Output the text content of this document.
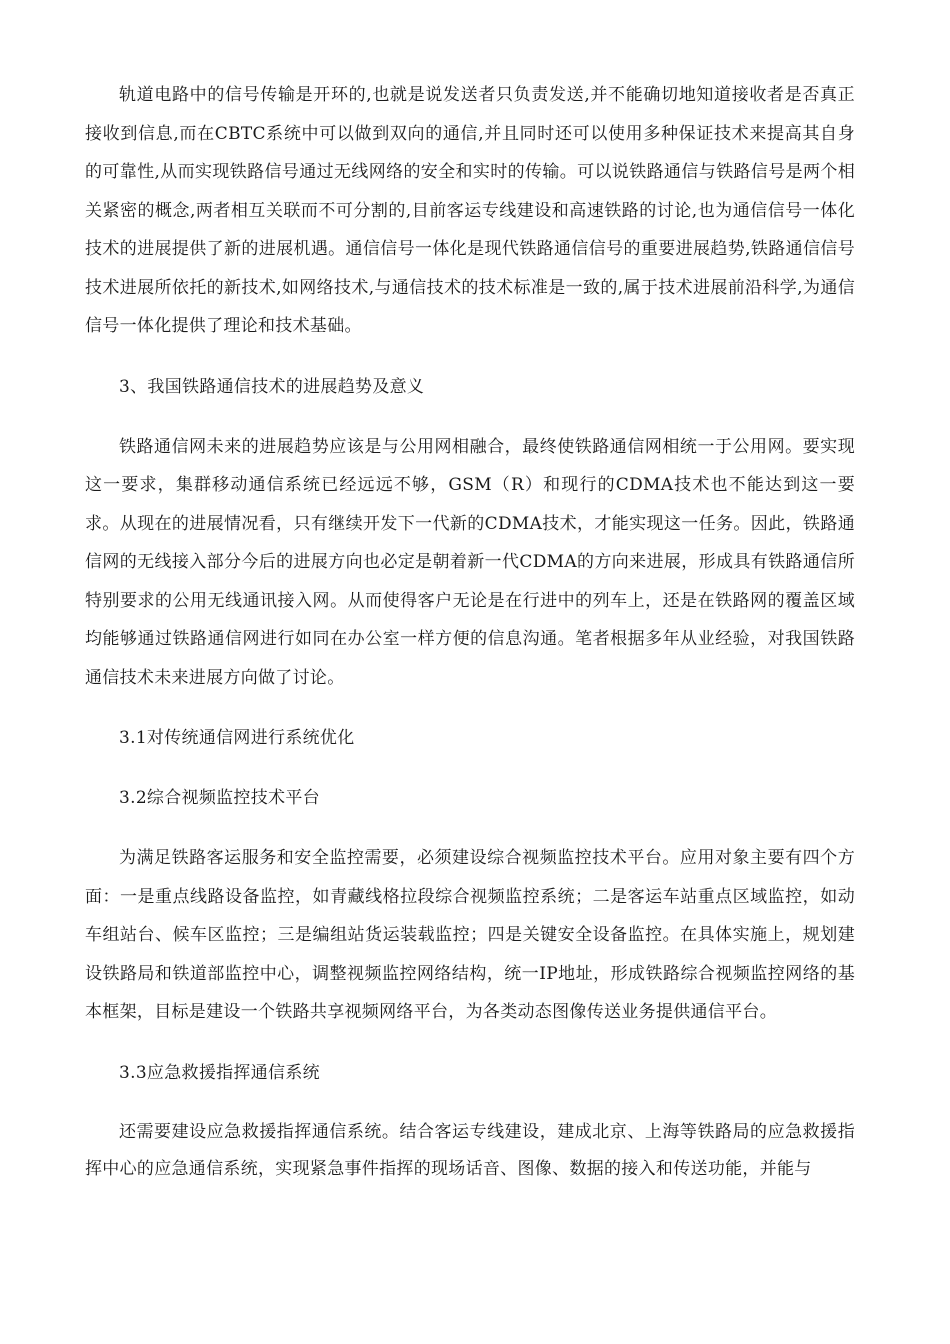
轨道电路中的信号传输是开环的,也就是说发送者只负责发送,并不能确切地知道接收者是否真正接收到信息,而在CBTC系统中可以做到双向的通信,并且同时还可以使用多种保证技术来提高其自身的可靠性,从而实现铁路信号通过无线网络的安全和实时的传输。可以说铁路通信与铁路信号是两个相关紧密的概念,两者相互关联而不可分割的,目前客运专线建设和高速铁路的讨论,也为通信信号一体化技术的进展提供了新的进展机遇。通信信号一体化是现代铁路通信信号的重要进展趋势,铁路通信信号技术进展所依托的新技术,如网络技术,与通信技术的技术标准是一致的,属于技术进展前沿科学,为通信信号一体化提供了理论和技术基础。

3、我国铁路通信技术的进展趋势及意义

铁路通信网未来的进展趋势应该是与公用网相融合，最终使铁路通信网相统一于公用网。要实现这一要求，集群移动通信系统已经远远不够，GSM（R）和现行的CDMA技术也不能达到这一要求。从现在的进展情况看，只有继续开发下一代新的CDMA技术，才能实现这一任务。因此，铁路通信网的无线接入部分今后的进展方向也必定是朝着新一代CDMA的方向来进展，形成具有铁路通信所特别要求的公用无线通讯接入网。从而使得客户无论是在行进中的列车上，还是在铁路网的覆盖区域均能够通过铁路通信网进行如同在办公室一样方便的信息沟通。笔者根据多年从业经验，对我国铁路通信技术未来进展方向做了讨论。

3.1对传统通信网进行系统优化

3.2综合视频监控技术平台

为满足铁路客运服务和安全监控需要，必须建设综合视频监控技术平台。应用对象主要有四个方面：一是重点线路设备监控，如青藏线格拉段综合视频监控系统；二是客运车站重点区域监控，如动车组站台、候车区监控；三是编组站货运装载监控；四是关键安全设备监控。在具体实施上，规划建设铁路局和铁道部监控中心，调整视频监控网络结构，统一IP地址，形成铁路综合视频监控网络的基本框架，目标是建设一个铁路共享视频网络平台，为各类动态图像传送业务提供通信平台。

3.3应急救援指挥通信系统

还需要建设应急救援指挥通信系统。结合客运专线建设，建成北京、上海等铁路局的应急救援指挥中心的应急通信系统，实现紧急事件指挥的现场话音、图像、数据的接入和传送功能，并能与
